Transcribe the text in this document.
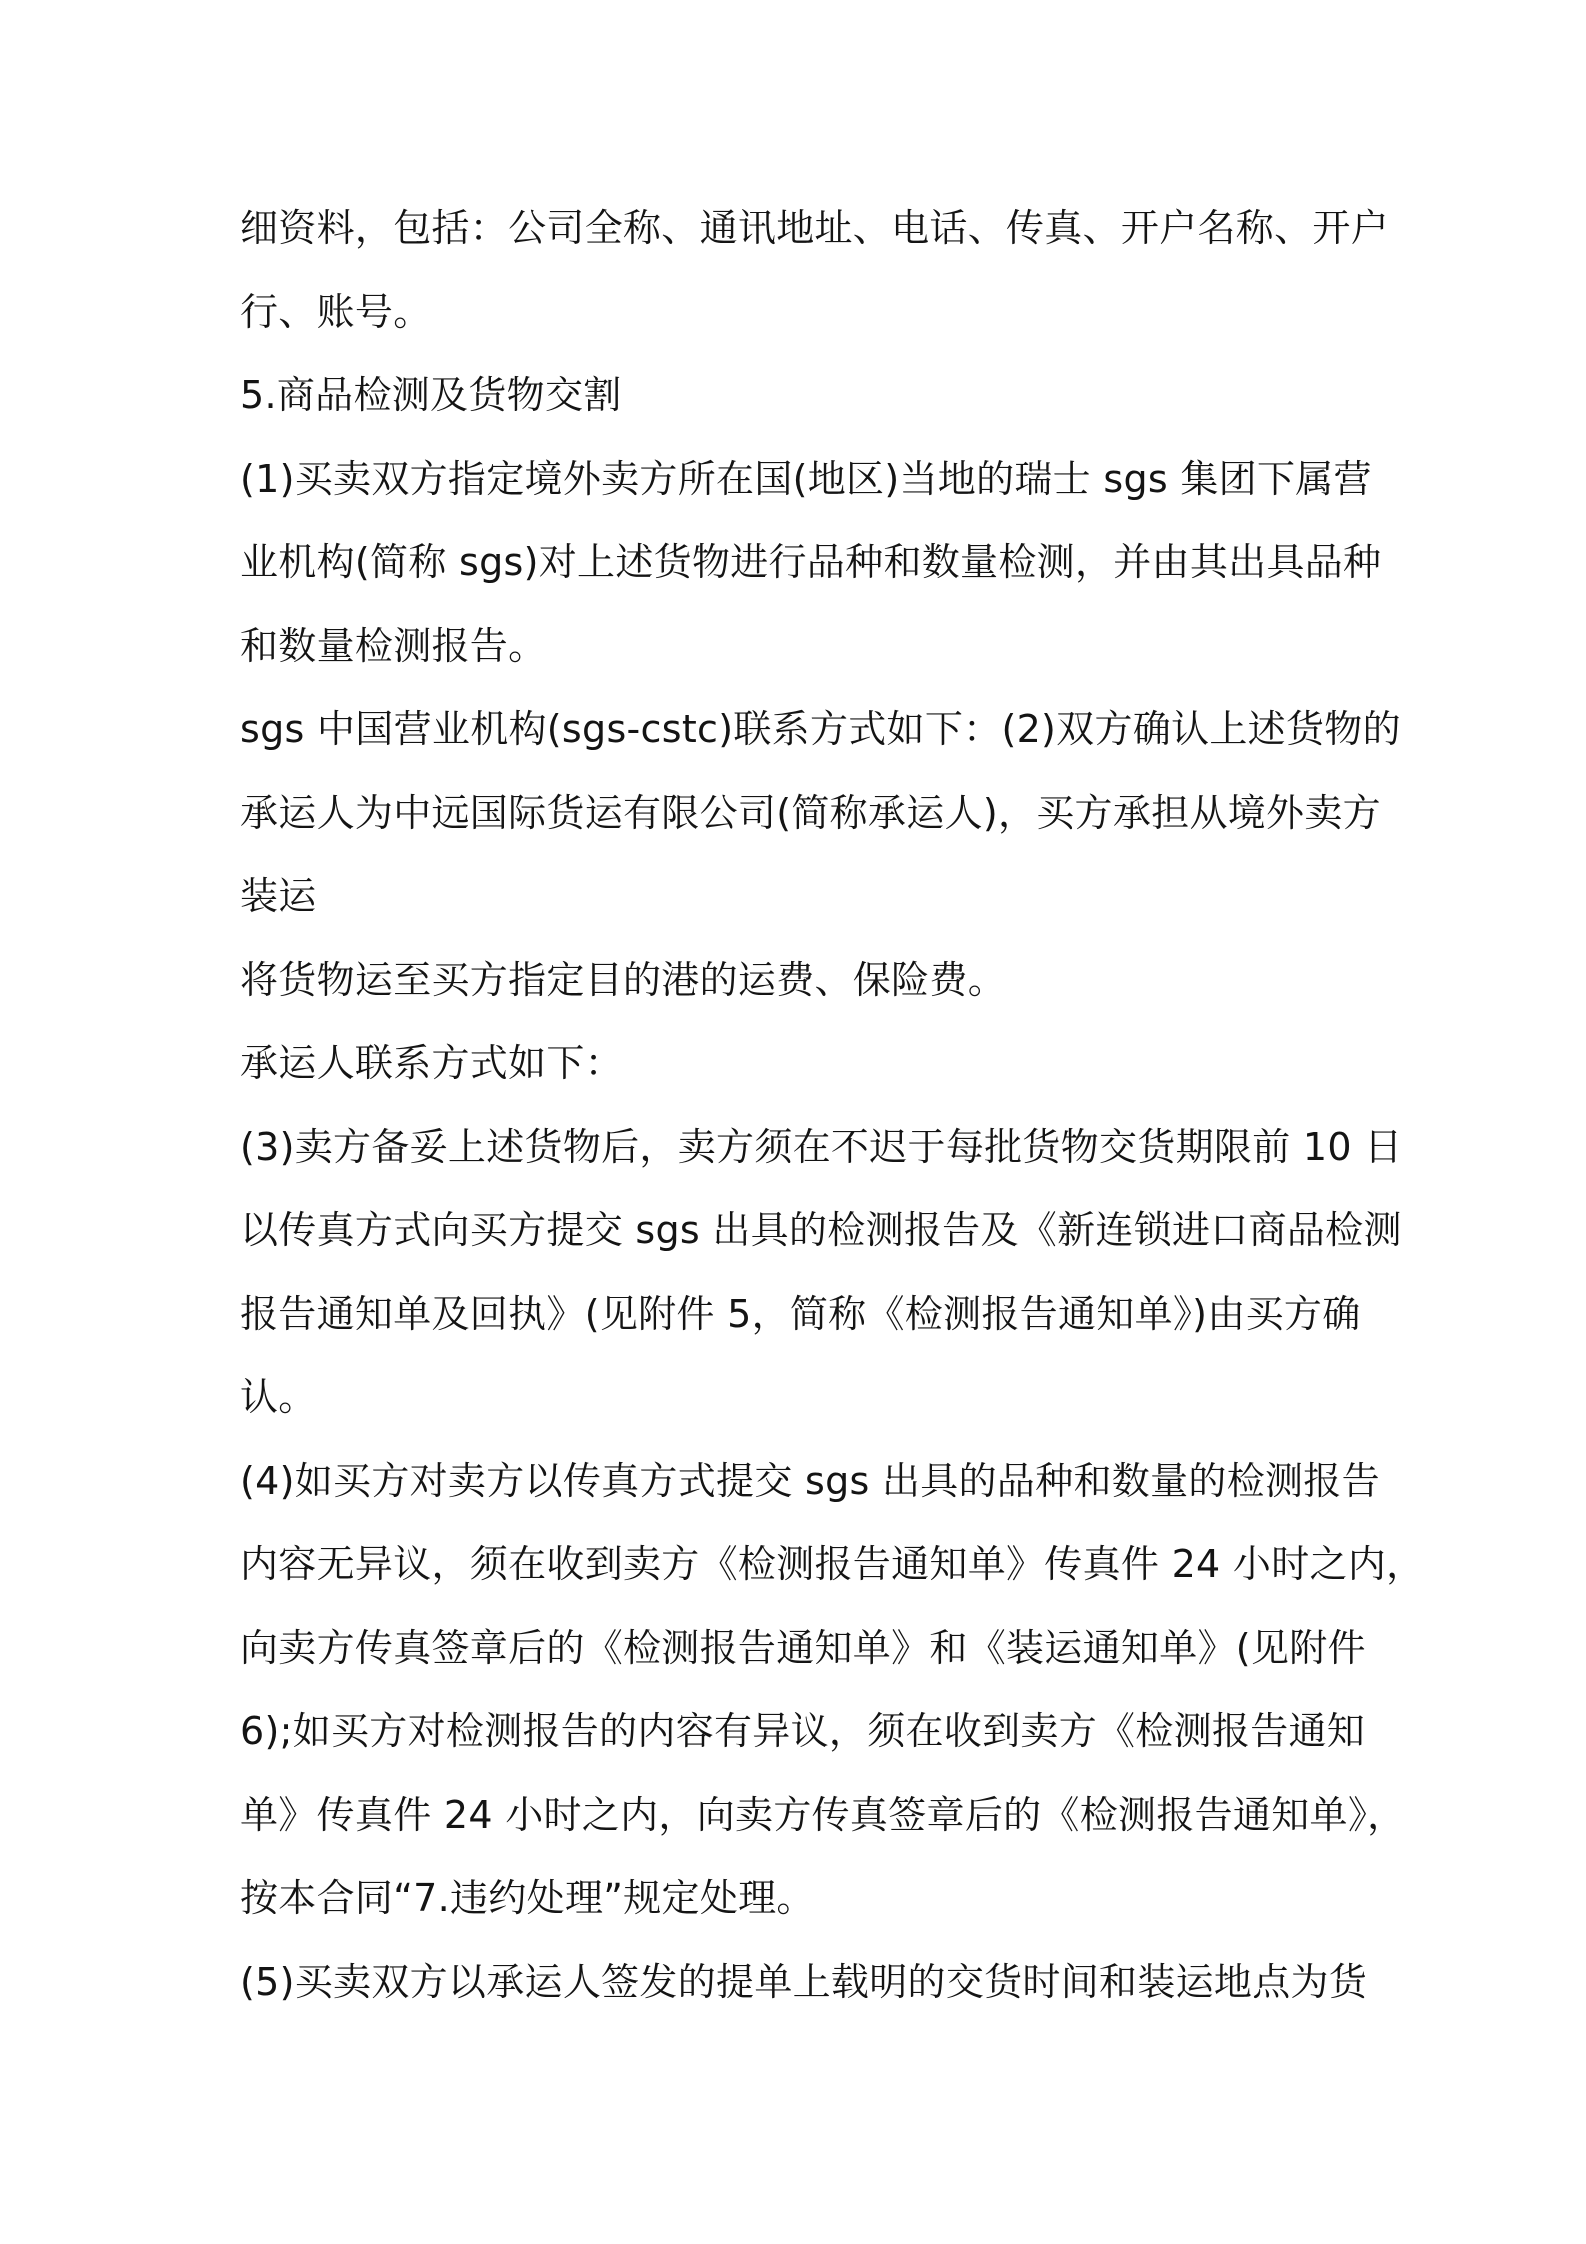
细资料，包括：公司全称、通讯地址、电话、传真、开户名称、开户
行、账号。
5.商品检测及货物交割
(1)买卖双方指定境外卖方所在国(地区)当地的瑞士 sgs 集团下属营
业机构(简称 sgs)对上述货物进行品种和数量检测，并由其出具品种
和数量检测报告。
sgs 中国营业机构(sgs-cstc)联系方式如下：(2)双方确认上述货物的
承运人为中远国际货运有限公司(简称承运人)，买方承担从境外卖方
装运
将货物运至买方指定目的港的运费、保险费。
承运人联系方式如下：
(3)卖方备妥上述货物后，卖方须在不迟于每批货物交货期限前 10 日
以传真方式向买方提交 sgs 出具的检测报告及《新连锁进口商品检测
报告通知单及回执》(见附件 5，简称《检测报告通知单》)由买方确
认。
(4)如买方对卖方以传真方式提交 sgs 出具的品种和数量的检测报告
内容无异议，须在收到卖方《检测报告通知单》传真件 24 小时之内，
向卖方传真签章后的《检测报告通知单》和《装运通知单》(见附件
6);如买方对检测报告的内容有异议，须在收到卖方《检测报告通知
单》传真件 24 小时之内，向卖方传真签章后的《检测报告通知单》，
按本合同“7.违约处理”规定处理。
(5)买卖双方以承运人签发的提单上载明的交货时间和装运地点为货
